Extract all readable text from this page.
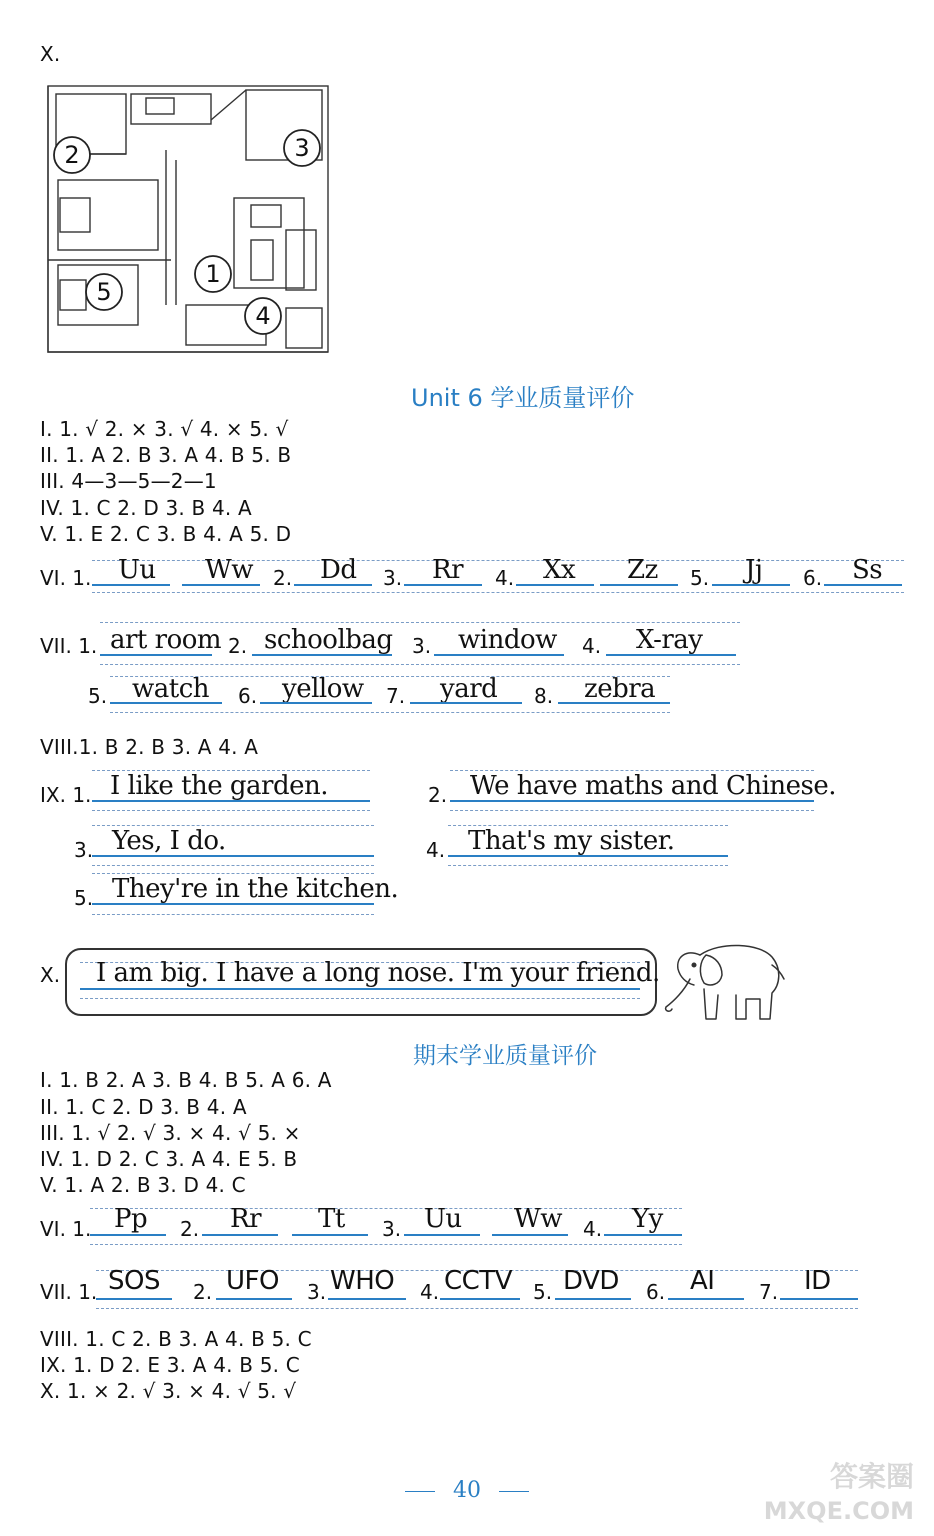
X.
1
2	3
4
5
Unit 6 学业质量评价
I. 1. √ 2. × 3. √ 4. × 5. √
II. 1. A 2. B 3. A 4. B 5. B
III. 4—3—5—2—1
IV. 1. C 2. D 3. B 4. A
V. 1. E 2. C 3. B 4. A 5. D
VI. 1. Uu Ww 2. Dd 3. Rr 4. Xx Zz 5. Jj 6. Ss
VII. 1. art room 2. schoolbag 3. window 4. X-ray
5. watch 6. yellow 7. yard 8. zebra
VIII.1. B 2. B 3. A 4. A
IX. 1. I like the garden.	2. We have maths and Chinese.
3. Yes, I do.	4. That's my sister.
5. They're in the kitchen.
X. I am big. I have a long nose. I'm your friend.
期末学业质量评价
I. 1. B 2. A 3. B 4. B 5. A 6. A
II. 1. C 2. D 3. B 4. A
III. 1. √ 2. √ 3. × 4. √ 5. ×
IV. 1. D 2. C 3. A 4. E 5. B
V. 1. A 2. B 3. D 4. C
VI. 1. Pp 2. Rr Tt 3. Uu Ww 4. Yy
VII. 1. SOS 2. UFO 3. WHO 4. CCTV 5. DVD 6. AI 7. ID
VIII. 1. C 2. B 3. A 4. B 5. C
IX. 1. D 2. E 3. A 4. B 5. C
X. 1. × 2. √ 3. × 4. √ 5. √
40	答案圈
MXQE.COM
